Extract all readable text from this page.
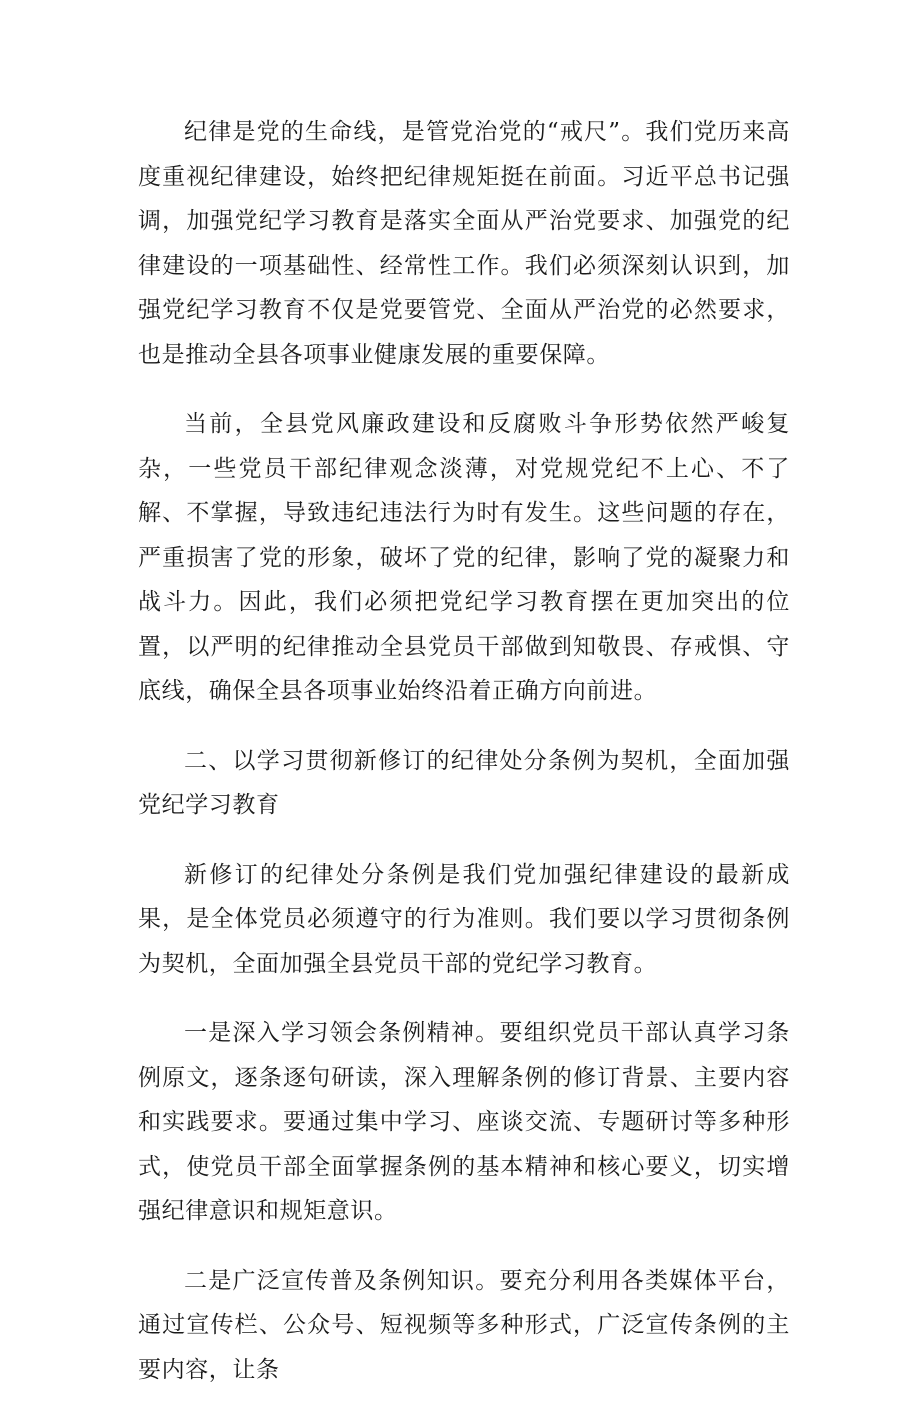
纪律是党的生命线，是管党治党的“戒尺”。我们党历来高度重视纪律建设，始终把纪律规矩挺在前面。习近平总书记强调，加强党纪学习教育是落实全面从严治党要求、加强党的纪律建设的一项基础性、经常性工作。我们必须深刻认识到，加强党纪学习教育不仅是党要管党、全面从严治党的必然要求，也是推动全县各项事业健康发展的重要保障。

当前，全县党风廉政建设和反腐败斗争形势依然严峻复杂，一些党员干部纪律观念淡薄，对党规党纪不上心、不了解、不掌握，导致违纪违法行为时有发生。这些问题的存在，严重损害了党的形象，破坏了党的纪律，影响了党的凝聚力和战斗力。因此，我们必须把党纪学习教育摆在更加突出的位置，以严明的纪律推动全县党员干部做到知敬畏、存戒惧、守底线，确保全县各项事业始终沿着正确方向前进。

二、以学习贯彻新修订的纪律处分条例为契机，全面加强党纪学习教育

新修订的纪律处分条例是我们党加强纪律建设的最新成果，是全体党员必须遵守的行为准则。我们要以学习贯彻条例为契机，全面加强全县党员干部的党纪学习教育。

一是深入学习领会条例精神。要组织党员干部认真学习条例原文，逐条逐句研读，深入理解条例的修订背景、主要内容和实践要求。要通过集中学习、座谈交流、专题研讨等多种形式，使党员干部全面掌握条例的基本精神和核心要义，切实增强纪律意识和规矩意识。

二是广泛宣传普及条例知识。要充分利用各类媒体平台，通过宣传栏、公众号、短视频等多种形式，广泛宣传条例的主要内容，让条
